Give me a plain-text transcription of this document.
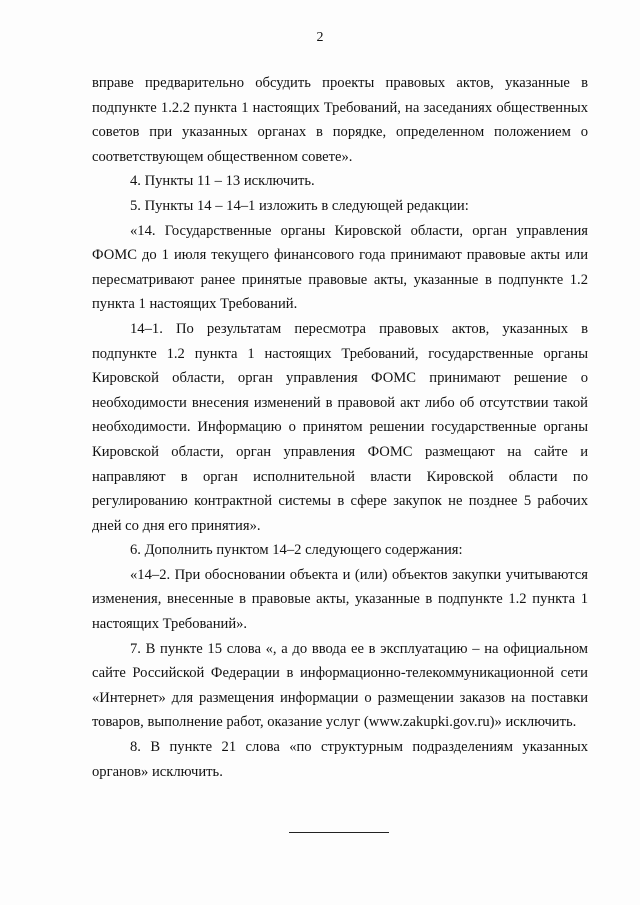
2

вправе предварительно обсудить проекты правовых актов, указанные в подпункте 1.2.2 пункта 1 настоящих Требований, на заседаниях общественных советов при указанных органах в порядке, определенном положением о соответствующем общественном совете».

4. Пункты 11 – 13 исключить.

5. Пункты 14 – 14–1 изложить в следующей редакции:

«14. Государственные органы Кировской области, орган управления ФОМС до 1 июля текущего финансового года принимают правовые акты или пересматривают ранее принятые правовые акты, указанные в подпункте 1.2 пункта 1 настоящих Требований.

14–1. По результатам пересмотра правовых актов, указанных в подпункте 1.2 пункта 1 настоящих Требований, государственные органы Кировской области, орган управления ФОМС принимают решение о необходимости внесения изменений в правовой акт либо об отсутствии такой необходимости. Информацию о принятом решении государственные органы Кировской области, орган управления ФОМС размещают на сайте и направляют в орган исполнительной власти Кировской области по регулированию контрактной системы в сфере закупок не позднее 5 рабочих дней со дня его принятия».

6. Дополнить пунктом 14–2 следующего содержания:

«14–2. При обосновании объекта и (или) объектов закупки учитываются изменения, внесенные в правовые акты, указанные в подпункте 1.2 пункта 1 настоящих Требований».

7. В пункте 15 слова «, а до ввода ее в эксплуатацию – на официальном сайте Российской Федерации в информационно-телекоммуникационной сети «Интернет» для размещения информации о размещении заказов на поставки товаров, выполнение работ, оказание услуг (www.zakupki.gov.ru)» исключить.

8. В пункте 21 слова «по структурным подразделениям указанных органов» исключить.
